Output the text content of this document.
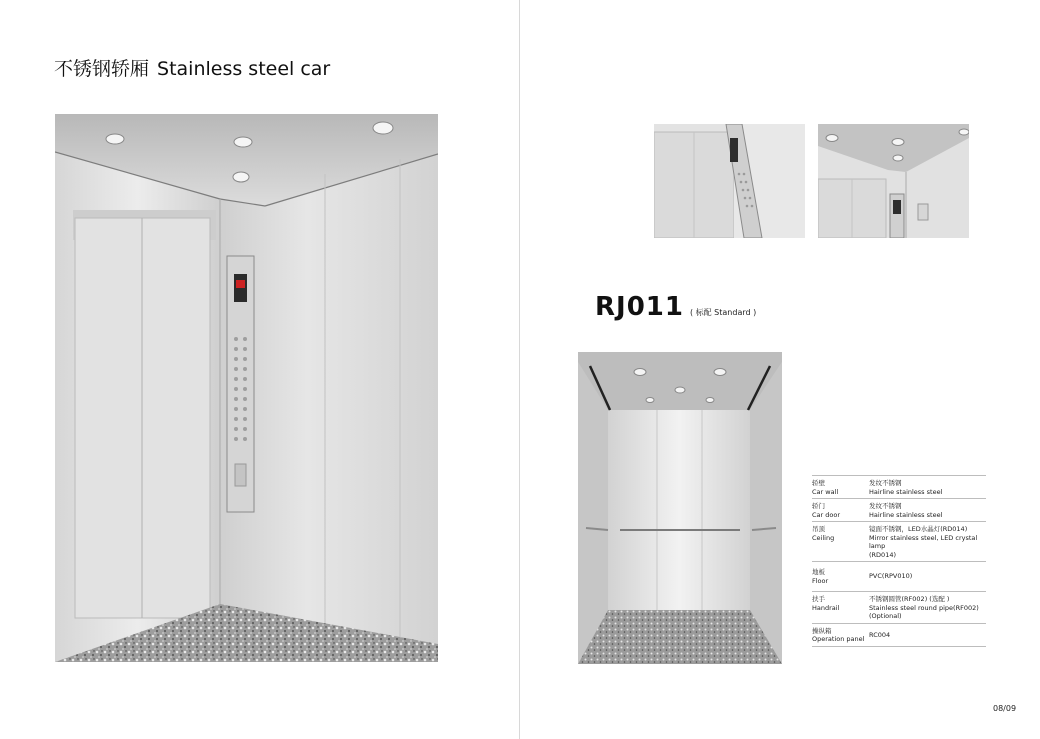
不锈钢轿厢 Stainless steel car
RJ011 ( 标配 Standard )
轿壁
Car wall
发纹不锈钢
Hairline stainless steel
轿门
Car door
发纹不锈钢
Hairline stainless steel
吊顶
Ceiling
镜面不锈钢，LED水晶灯(RD014)
Mirror stainless steel, LED crystal lamp
(RD014)
地板
Floor
PVC(RPV010)
扶手
Handrail
不锈钢圆管(RF002) (选配 )
Stainless steel round pipe(RF002) (Optional)
操纵箱
Operation panel
RC004
08/09
